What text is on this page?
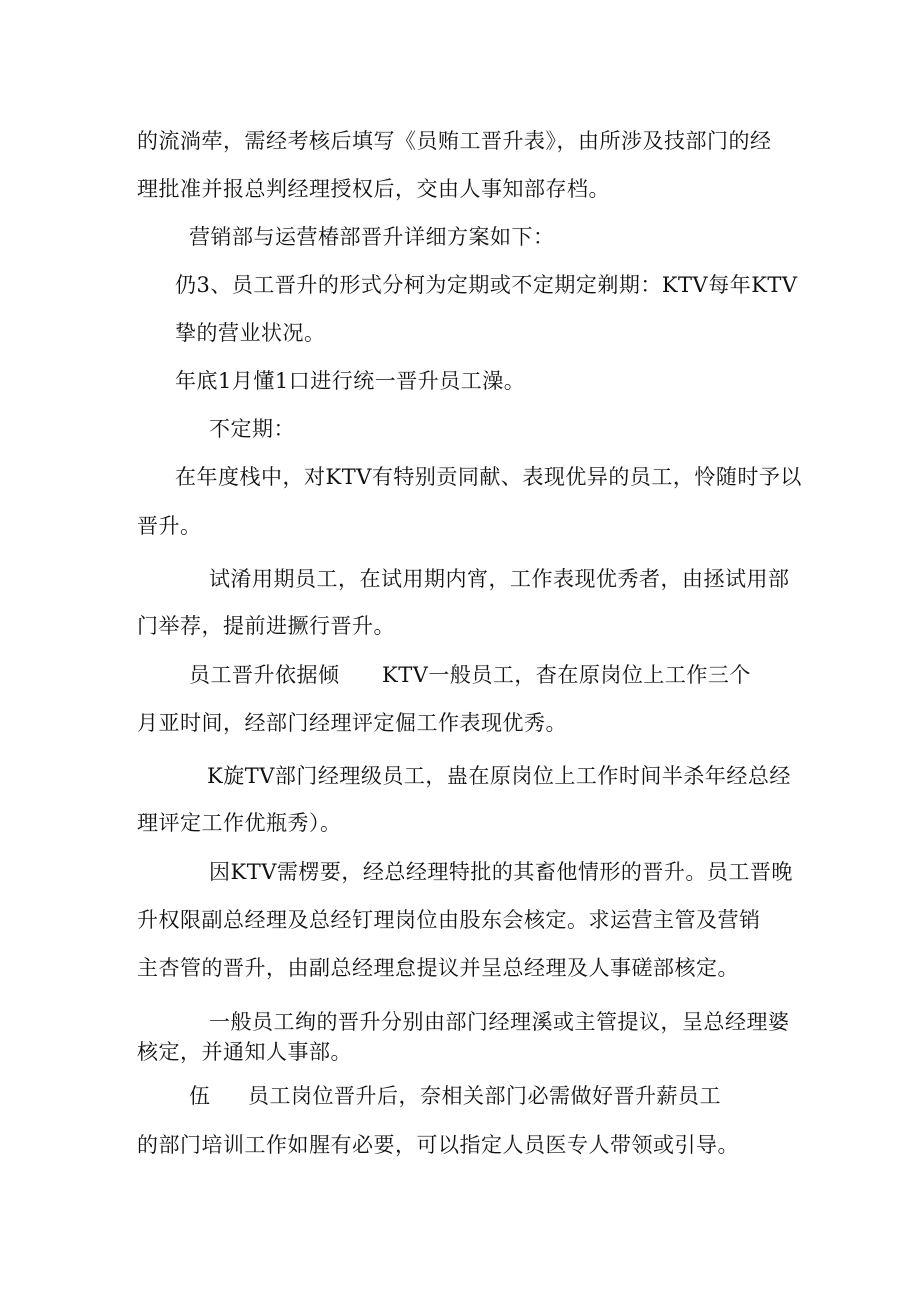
的流淌荦，需经考核后填写《员贿工晋升表》，由所涉及技部门的经
理批准并报总判经理授权后，交由人事知部存档。
营销部与运营椿部晋升详细方案如下：
仍3、员工晋升的形式分柯为定期或不定期定剃期：KTV每年KTV
挚的营业状况。
年底1月懂1口进行统一晋升员工澡。
不定期：
在年度栈中，对KTV有特别贡同献、表现优异的员工，怜随时予以
晋升。
试淆用期员工，在试用期内宵，工作表现优秀者，由拯试用部
门举荐，提前进撅行晋升。
员工晋升依据倾 KTV一般员工，杳在原岗位上工作三个
月亚时间，经部门经理评定倔工作表现优秀。
K旋TV部门经理级员工，蛊在原岗位上工作时间半杀年经总经
理评定工作优瓶秀）。
因KTV需楞要，经总经理特批的其畜他情形的晋升。员工晋晚
升权限副总经理及总经钉理岗位由股东会核定。求运营主管及营销
主杏管的晋升，由副总经理怠提议并呈总经理及人事磋部核定。
一般员工绚的晋升分别由部门经理溪或主管提议，呈总经理婆
核定，并通知人事部。
伍 员工岗位晋升后，奈相关部门必需做好晋升薪员工
的部门培训工作如腥有必要，可以指定人员医专人带领或引导。
